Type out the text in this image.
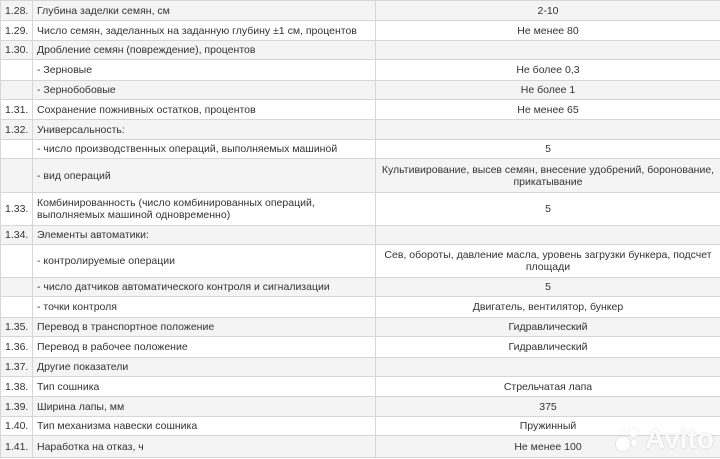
1.28.	Глубина заделки семян, см	2-10
1.29.	Число семян, заделанных на заданную глубину ±1 см, процентов	Не менее 80
1.30.	Дробление семян (повреждение), процентов	
	- Зерновые	Не более 0,3
	- Зернобобовые	Не более 1
1.31.	Сохранение пожнивных остатков, процентов	Не менее 65
1.32.	Универсальность:	
	- число производственных операций, выполняемых машиной	5
	- вид операций	Культивирование, высев семян, внесение удобрений, боронование, прикатывание
1.33.	Комбинированность (число комбинированных операций, выполняемых машиной одновременно)	5
1.34.	Элементы автоматики:	
	- контролируемые операции	Сев, обороты, давление масла, уровень загрузки бункера, подсчет площади
	- число датчиков автоматического контроля и сигнализации	5
	- точки контроля	Двигатель, вентилятор, бункер
1.35.	Перевод в транспортное положение	Гидравлический
1.36.	Перевод в рабочее положение	Гидравлический
1.37.	Другие показатели	
1.38.	Тип сошника	Стрельчатая лапа
1.39.	Ширина лапы, мм	375
1.40.	Тип механизма навески сошника	Пружинный
1.41.	Наработка на отказ, ч	Не менее 100 Avito
